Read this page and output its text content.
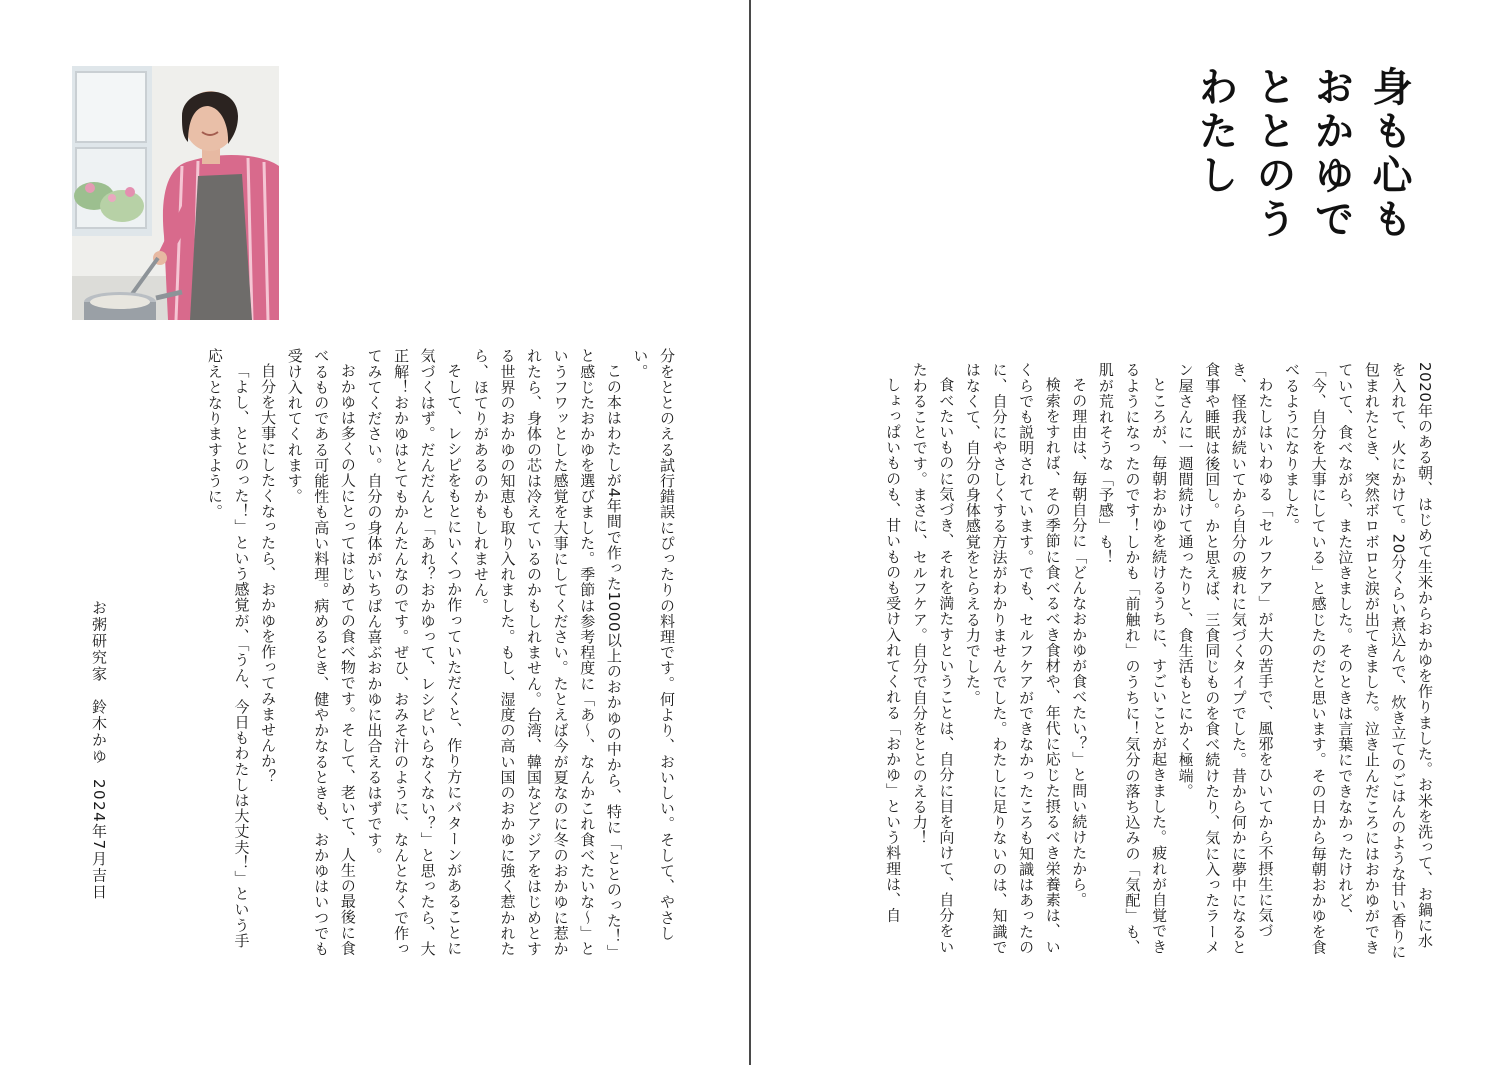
身も心もおかゆでととのうわたし

2020年のある朝、はじめて生米からおかゆを作りました。お米を洗って、お鍋に水を入れて、火にかけて。20分くらい煮込んで、炊き立てのごはんのような甘い香りに包まれたとき、突然ボロボロと涙が出てきました。泣き止んだころにはおかゆができていて、食べながら、また泣きました。そのときは言葉にできなかったけれど、「今、自分を大事にしている」と感じたのだと思います。その日から毎朝おかゆを食べるようになりました。

わたしはいわゆる「セルフケア」が大の苦手で、風邪をひいてから不摂生に気づき、怪我が続いてから自分の疲れに気づくタイプでした。昔から何かに夢中になると食事や睡眠は後回し。かと思えば、三食同じものを食べ続けたり、気に入ったラーメン屋さんに一週間続けて通ったりと、食生活もとにかく極端。

ところが、毎朝おかゆを続けるうちに、すごいことが起きました。疲れが自覚できるようになったのです！しかも「前触れ」のうちに！気分の落ち込みの「気配」も、肌が荒れそうな「予感」も！

その理由は、毎朝自分に「どんなおかゆが食べたい？」と問い続けたから。

検索をすれば、その季節に食べるべき食材や、年代に応じた摂るべき栄養素は、いくらでも説明されています。でも、セルフケアができなかったころも知識はあったのに、自分にやさしくする方法がわかりませんでした。わたしに足りないのは、知識ではなくて、自分の身体感覚をとらえる力でした。

食べたいものに気づき、それを満たすということは、自分に目を向けて、自分をいたわることです。まさに、セルフケア。自分で自分をととのえる力！

しょっぱいものも、甘いものも受け入れてくれる「おかゆ」という料理は、自

分をととのえる試行錯誤にぴったりの料理です。何より、おいしい。そして、やさしい。

この本はわたしが4年間で作った1000以上のおかゆの中から、特に「ととのった！」と感じたおかゆを選びました。季節は参考程度に「あ〜、なんかこれ食べたいな〜」というフワッとした感覚を大事にしてください。たとえば今が夏なのに冬のおかゆに惹かれたら、身体の芯は冷えているのかもしれません。台湾、韓国などアジアをはじめとする世界のおかゆの知恵も取り入れました。もし、湿度の高い国のおかゆに強く惹かれたら、ほてりがあるのかもしれません。

そして、レシピをもとにいくつか作っていただくと、作り方にパターンがあることに気づくはず。だんだんと「あれ？おかゆって、レシピいらなくない？」と思ったら、大正解！おかゆはとてもかんたんなのです。ぜひ、おみそ汁のように、なんとなくで作ってみてください。自分の身体がいちばん喜ぶおかゆに出合えるはずです。

おかゆは多くの人にとってはじめての食べ物です。そして、老いて、人生の最後に食べるものである可能性も高い料理。病めるとき、健やかなるときも、おかゆはいつでも受け入れてくれます。

自分を大事にしたくなったら、おかゆを作ってみませんか？

「よし、ととのった！」という感覚が、「うん、今日もわたしは大丈夫！」という手応えとなりますように。

お粥研究家　鈴木かゆ
2024年7月吉日
